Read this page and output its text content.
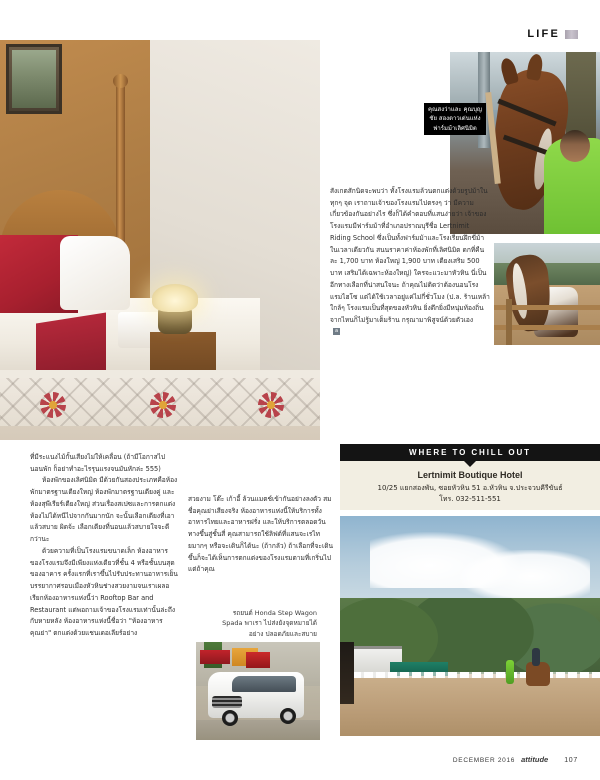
LIFE
คุณสงว่าและ คุณบุญชัย สองดาวเด่นแห่ง ฟาร์มม้าเลิศนิมิต

สังเกตสักนิดจะพบว่า ทั้งโรงแรมล้วนตกแต่งด้วยรูปม้าในทุกๆ จุด เราถามเจ้าของโรงแรมไปตรงๆ ว่า มีความเกี่ยวข้องกันอย่างไร ซึ่งก็ได้คำตอบที่แสนง่ายว่า เจ้าของโรงแรมมีฟาร์มม้าที่อำเภอปราณบุรีชื่อ Lertnimit Riding School ซึ่งเป็นทั้งฟาร์มม้าและโรงเรียนฝึกขี่ม้าในเวลาเดียวกัน สนนราคาค่าห้องพักที่เลิศนิมิต ดกที่คืนละ 1,700 บาท ห้องใหญ่ 1,900 บาท เตียงเสริม 500 บาท เสริมได้เฉพาะห้องใหญ่) ใครจะแวะมาหัวหิน นี่เป็นอีกทางเลือกที่น่าสนใจนะ ถ้าคุณไม่ติดว่าต้องนอนโรงแรมไฮโซ แต่ได้ใช้เวลาอยู่แค่ไม่กี่ชั่วโมง (ป.ล. ร้านเหล้าใกล้ๆ โรงแรมเป็นที่สุดของหัวหิน ยิ่งดึกยิ่งมีหนุ่มท้องถิ่นจากไหนก็ไม่รู้มาเต็มร้าน กรุณามาพิสูจน์ด้วยตัวเอง

a

WHERE TO CHILL OUT
Lertnimit Boutique Hotel
10/25 แยกสองพัน, ซอยหัวหิน 51 อ.หัวหิน จ.ประจวบคีรีขันธ์
โทร. 032-511-551
รถยนต์ Honda Step Wagon Spada พาเรา ไปส่งยังจุดหมายได้อย่าง ปลอดภัยและสบาย

ที่มีระแนงไม้กั้นเสียงไม่ให้เคลื่อน (ถ้ามีโอกาสไปนอนพัก ก็อย่าทำอะไรรุนแรงจนมันหักล่ะ 555)

ห้องพักของเลิศนิมิต มีด้วยกันสองประเภทคือห้องพักมาตรฐานเตียงใหญ่ ห้องพักมาตรฐานเตียงคู่ และห้องสุพีเรียร์เตียงใหญ่ ส่วนเรื่องสเปซและการตกแต่งห้องไม่ได้หนีไปจากกันมากนัก จะนั้นเลือกเตียงที่เอาแล้วสบาย ผิดจ้ะ เลือกเตียงที่นอนแล้วสบายใจจะดีกว่านะ

ด้วยความที่เป็นโรงแรมขนาดเล็ก ห้องอาหารของโรงแรมจึงมีเพียงแห่งเดียวที่ชั้น 4 หรือชั้นบนสุดของอาคาร ครั้งแรกที่เราขึ้นไปรับประทานอาหารเย็น บรรยากาศรอบเมืองหัวหินช่างสวยงามจนเราเผลอเรียกห้องอาหารแห่งนี้ว่า Rooftop Bar and Restaurant แต่พอถามเจ้าของโรงแรมเท่านั้นล่ะถึงกับหายหลัง ห้องอาหารแห่งนี้ชื่อว่า "ห้องอาหารคุณย่า" ตกแต่งด้วยแชนเดอเลียร์อย่าง

สวยงาม โต๊ะ เก้าอี้ ล้วนแมตช์เข้ากันอย่างลงตัว สมชื่อคุณย่าเสียงจริง ห้องอาหารแห่งนี้ให้บริการทั้งอาหารไทยและอาหารฝรั่ง และให้บริการตลอดวัน ทางขึ้นสู่ชั้นสี่ คุณสามารถใช้ลิฟต์ที่แสนจะเรไทยมากๆ หรือจะเดินก็ได้นะ (ถ้ากลัว) ถ้าเลือกที่จะเดินขึ้นก็จะได้เห็นการตกแต่งของโรงแรมตามที่เกริ่นไป แต่ถ้าคุณ

DECEMBER 2016 attitude 107
